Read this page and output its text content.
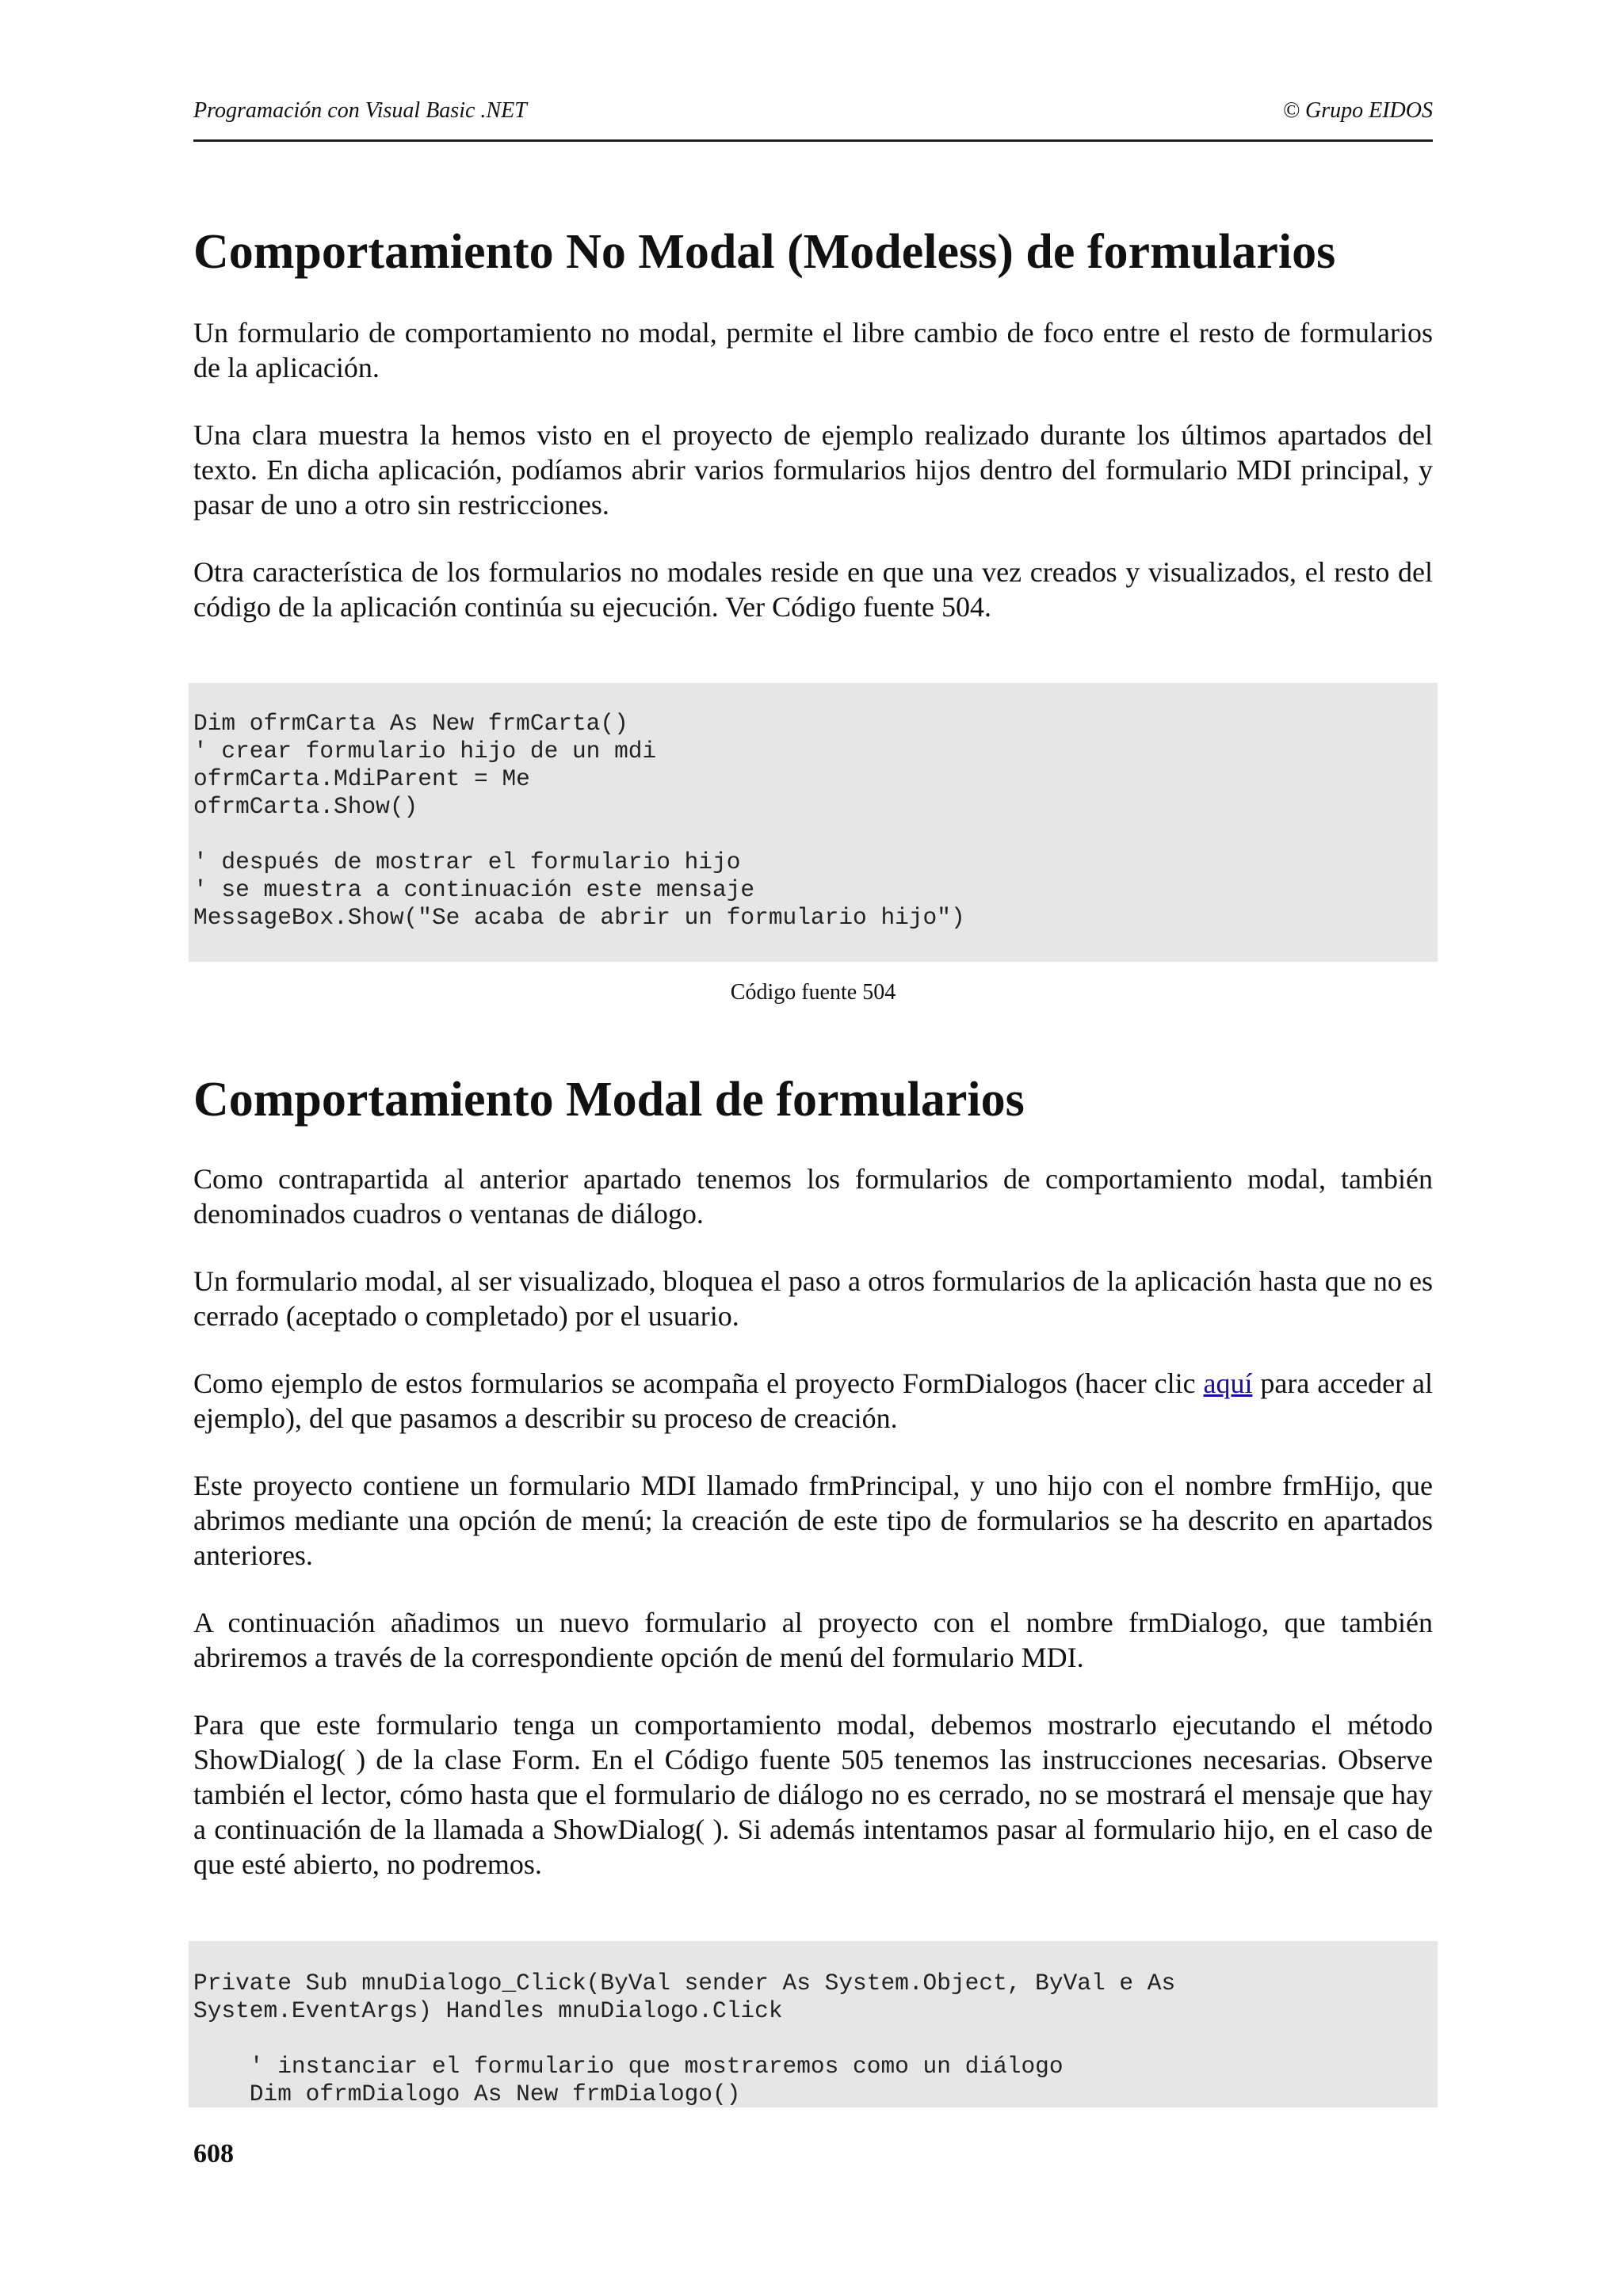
Programación con Visual Basic .NET	© Grupo EIDOS
Comportamiento No Modal (Modeless) de formularios

Un formulario de comportamiento no modal, permite el libre cambio de foco entre el resto de formularios de la aplicación.

Una clara muestra la hemos visto en el proyecto de ejemplo realizado durante los últimos apartados del texto. En dicha aplicación, podíamos abrir varios formularios hijos dentro del formulario MDI principal, y pasar de uno a otro sin restricciones.

Otra característica de los formularios no modales reside en que una vez creados y visualizados, el resto del código de la aplicación continúa su ejecución. Ver Código fuente 504.

Dim ofrmCarta As New frmCarta()
' crear formulario hijo de un mdi
ofrmCarta.MdiParent = Me
ofrmCarta.Show()
' después de mostrar el formulario hijo
' se muestra a continuación este mensaje
MessageBox.Show("Se acaba de abrir un formulario hijo")
Código fuente 504
Comportamiento Modal de formularios

Como contrapartida al anterior apartado tenemos los formularios de comportamiento modal, también denominados cuadros o ventanas de diálogo.

Un formulario modal, al ser visualizado, bloquea el paso a otros formularios de la aplicación hasta que no es cerrado (aceptado o completado) por el usuario.

Como ejemplo de estos formularios se acompaña el proyecto FormDialogos (hacer clic aquí para acceder al ejemplo), del que pasamos a describir su proceso de creación.

Este proyecto contiene un formulario MDI llamado frmPrincipal, y uno hijo con el nombre frmHijo, que abrimos mediante una opción de menú; la creación de este tipo de formularios se ha descrito en apartados anteriores.

A continuación añadimos un nuevo formulario al proyecto con el nombre frmDialogo, que también abriremos a través de la correspondiente opción de menú del formulario MDI.

Para que este formulario tenga un comportamiento modal, debemos mostrarlo ejecutando el método ShowDialog( ) de la clase Form. En el Código fuente 505 tenemos las instrucciones necesarias. Observe también el lector, cómo hasta que el formulario de diálogo no es cerrado, no se mostrará el mensaje que hay a continuación de la llamada a ShowDialog( ). Si además intentamos pasar al formulario hijo, en el caso de que esté abierto, no podremos.

Private Sub mnuDialogo_Click(ByVal sender As System.Object, ByVal e As
System.EventArgs) Handles mnuDialogo.Click
' instanciar el formulario que mostraremos como un diálogo
Dim ofrmDialogo As New frmDialogo()
608
